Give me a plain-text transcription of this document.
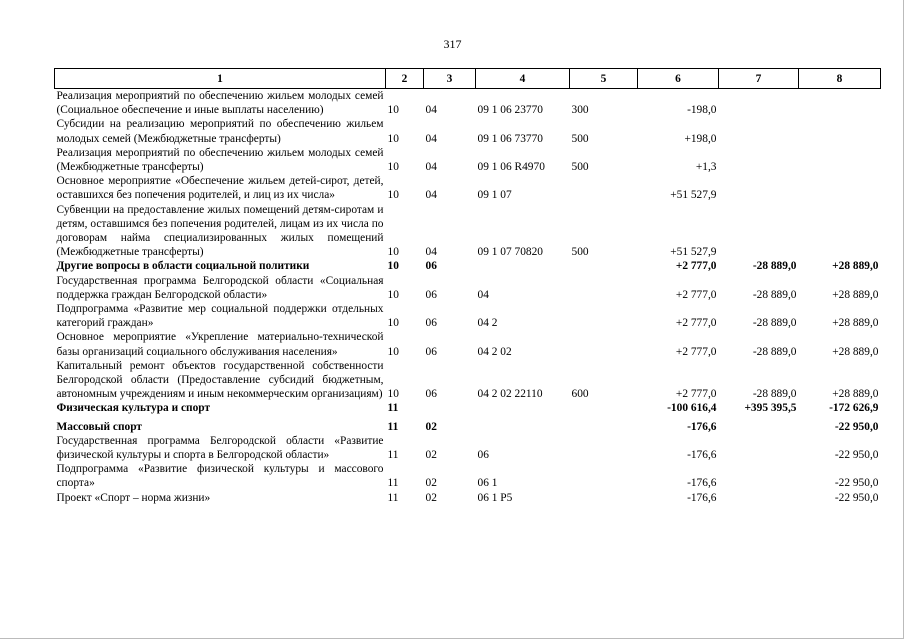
317
1	2	3	4	5	6	7	8
Реализация мероприятий по обеспечению жильем молодых семей (Социальное обеспечение и иные выплаты населению)	10	04	09 1 06 23770	300	-198,0		
Субсидии на реализацию мероприятий по обеспечению жильем молодых семей (Межбюджетные трансферты)	10	04	09 1 06 73770	500	+198,0		
Реализация мероприятий по обеспечению жильем молодых семей (Межбюджетные трансферты)	10	04	09 1 06 R4970	500	+1,3		
Основное мероприятие «Обеспечение жильем детей-сирот, детей, оставшихся без попечения родителей, и лиц из их числа»	10	04	09 1 07		+51 527,9		
Субвенции на предоставление жилых помещений детям-сиротам и детям, оставшимся без попечения родителей, лицам из их числа по договорам найма специализированных жилых помещений (Межбюджетные трансферты)	10	04	09 1 07 70820	500	+51 527,9		
Другие вопросы в области социальной политики	10	06			+2 777,0	-28 889,0	+28 889,0
Государственная программа Белгородской области «Социальная поддержка граждан Белгородской области»	10	06	04		+2 777,0	-28 889,0	+28 889,0
Подпрограмма «Развитие мер социальной поддержки отдельных категорий граждан»	10	06	04 2		+2 777,0	-28 889,0	+28 889,0
Основное мероприятие «Укрепление материально-технической базы организаций социального обслуживания населения»	10	06	04 2 02		+2 777,0	-28 889,0	+28 889,0
Капитальный ремонт объектов государственной собственности Белгородской области (Предоставление субсидий бюджетным, автономным учреждениям и иным некоммерческим организациям)	10	06	04 2 02 22110	600	+2 777,0	-28 889,0	+28 889,0
Физическая культура и спорт	11				-100 616,4	+395 395,5	-172 626,9
Массовый спорт	11	02			-176,6		-22 950,0
Государственная программа Белгородской области «Развитие физической культуры и спорта в Белгородской области»	11	02	06		-176,6		-22 950,0
Подпрограмма «Развитие физической культуры и массового спорта»	11	02	06 1		-176,6		-22 950,0
Проект «Спорт – норма жизни»	11	02	06 1 P5		-176,6		-22 950,0
